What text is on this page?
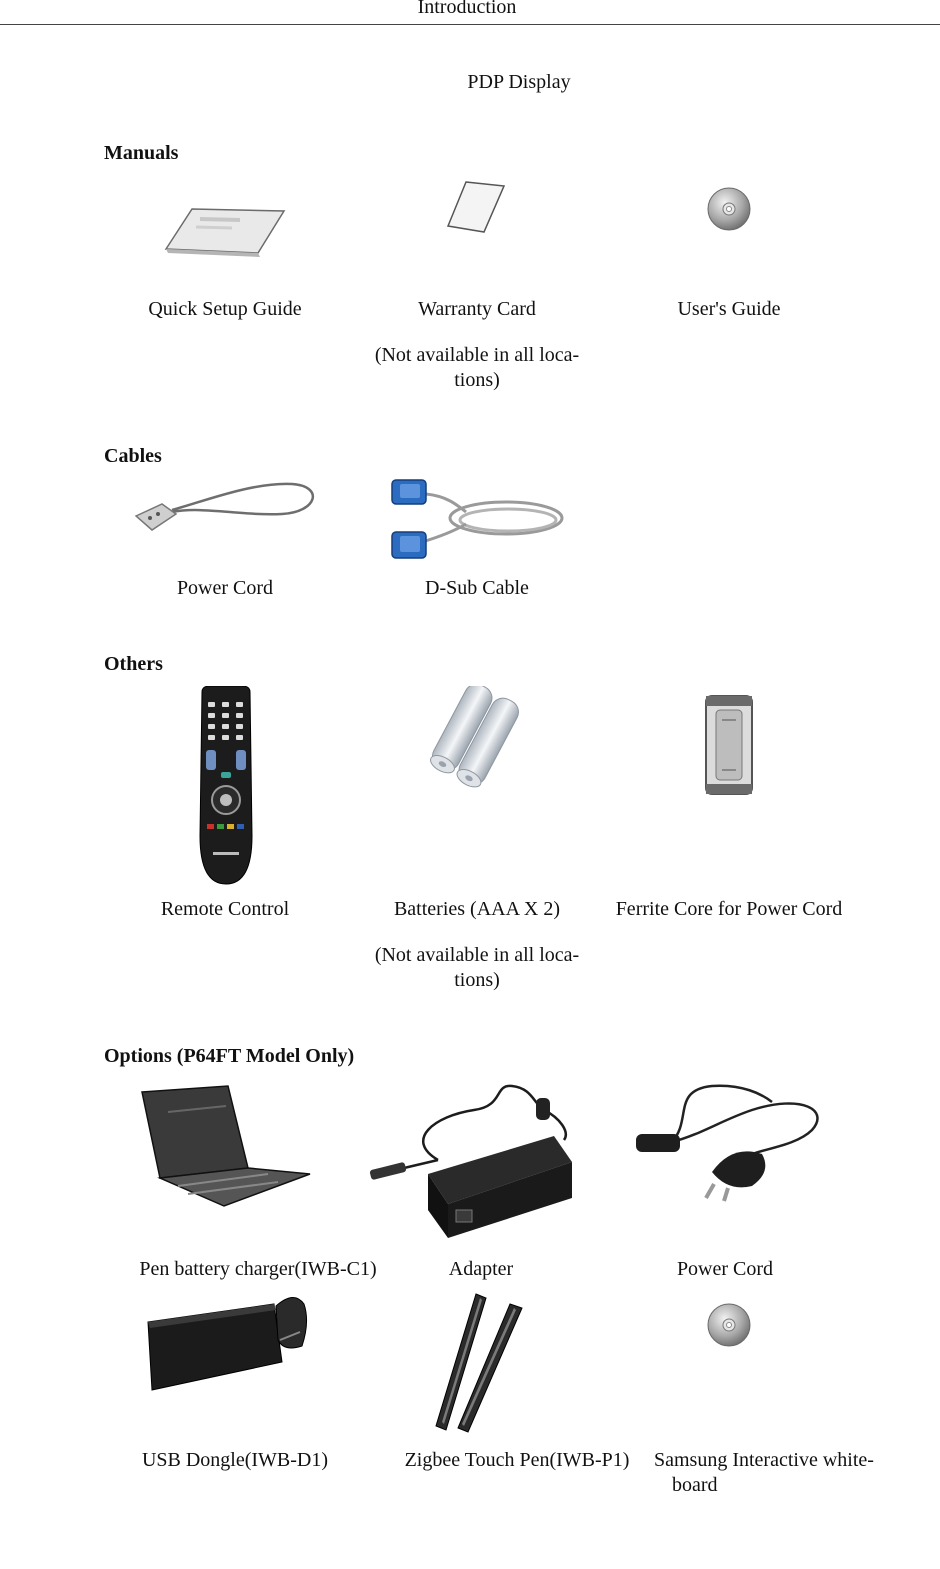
Introduction
PDP Display
Manuals
Quick Setup Guide	Warranty Card	User's Guide
(Not available in all loca-
tions)
Cables
Power Cord	D-Sub Cable
Others
Remote Control	Batteries (AAA X 2)	Ferrite Core for Power Cord
(Not available in all loca-
tions)
Options (P64FT Model Only)
Pen battery charger(IWB-C1)	Adapter	Power Cord
USB Dongle(IWB-D1)	Zigbee Touch Pen(IWB-P1)	Samsung Interactive white-
board
